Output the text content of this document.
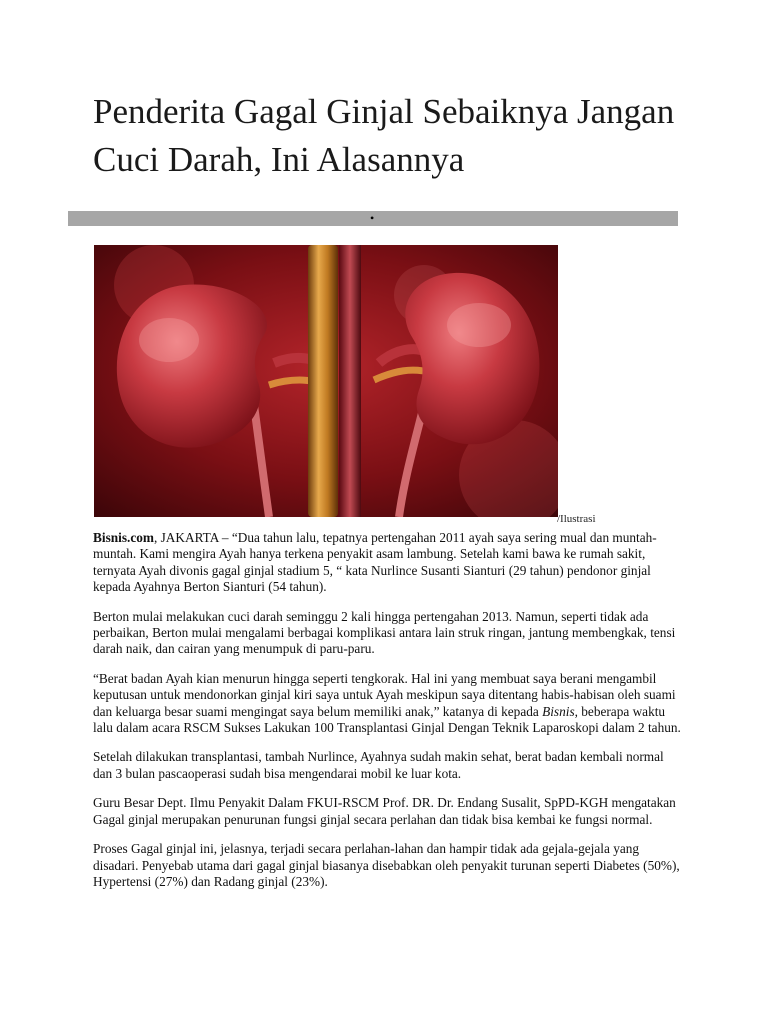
Penderita Gagal Ginjal Sebaiknya Jangan Cuci Darah, Ini Alasannya
•
/Ilustrasi

Bisnis.com, JAKARTA – “Dua tahun lalu, tepatnya pertengahan 2011 ayah saya sering mual dan muntah-muntah. Kami mengira Ayah hanya terkena penyakit asam lambung. Setelah kami bawa ke rumah sakit, ternyata Ayah divonis gagal ginjal stadium 5, “ kata Nurlince Susanti Sianturi (29 tahun) pendonor ginjal kepada Ayahnya Berton Sianturi (54 tahun).

Berton mulai melakukan cuci darah seminggu 2 kali hingga pertengahan 2013. Namun, seperti tidak ada perbaikan, Berton mulai mengalami berbagai komplikasi antara lain struk ringan, jantung membengkak, tensi darah naik, dan cairan yang menumpuk di paru-paru.

“Berat badan Ayah kian menurun hingga seperti tengkorak. Hal ini yang membuat saya berani mengambil keputusan untuk mendonorkan ginjal kiri saya untuk Ayah meskipun saya ditentang habis-habisan oleh suami dan keluarga besar suami mengingat saya belum memiliki anak,” katanya di kepada Bisnis, beberapa waktu lalu dalam acara RSCM Sukses Lakukan 100 Transplantasi Ginjal Dengan Teknik Laparoskopi dalam 2 tahun.

Setelah dilakukan transplantasi, tambah Nurlince, Ayahnya sudah makin sehat, berat badan kembali normal dan 3 bulan pascaoperasi sudah bisa mengendarai mobil ke luar kota.

Guru Besar Dept. Ilmu Penyakit Dalam FKUI-RSCM Prof. DR. Dr. Endang Susalit, SpPD-KGH mengatakan Gagal ginjal merupakan penurunan fungsi ginjal secara perlahan dan tidak bisa kembai ke fungsi normal.

Proses Gagal ginjal ini, jelasnya, terjadi secara perlahan-lahan dan hampir tidak ada gejala-gejala yang disadari. Penyebab utama dari gagal ginjal biasanya disebabkan oleh penyakit turunan seperti Diabetes (50%), Hypertensi (27%) dan Radang ginjal (23%).
